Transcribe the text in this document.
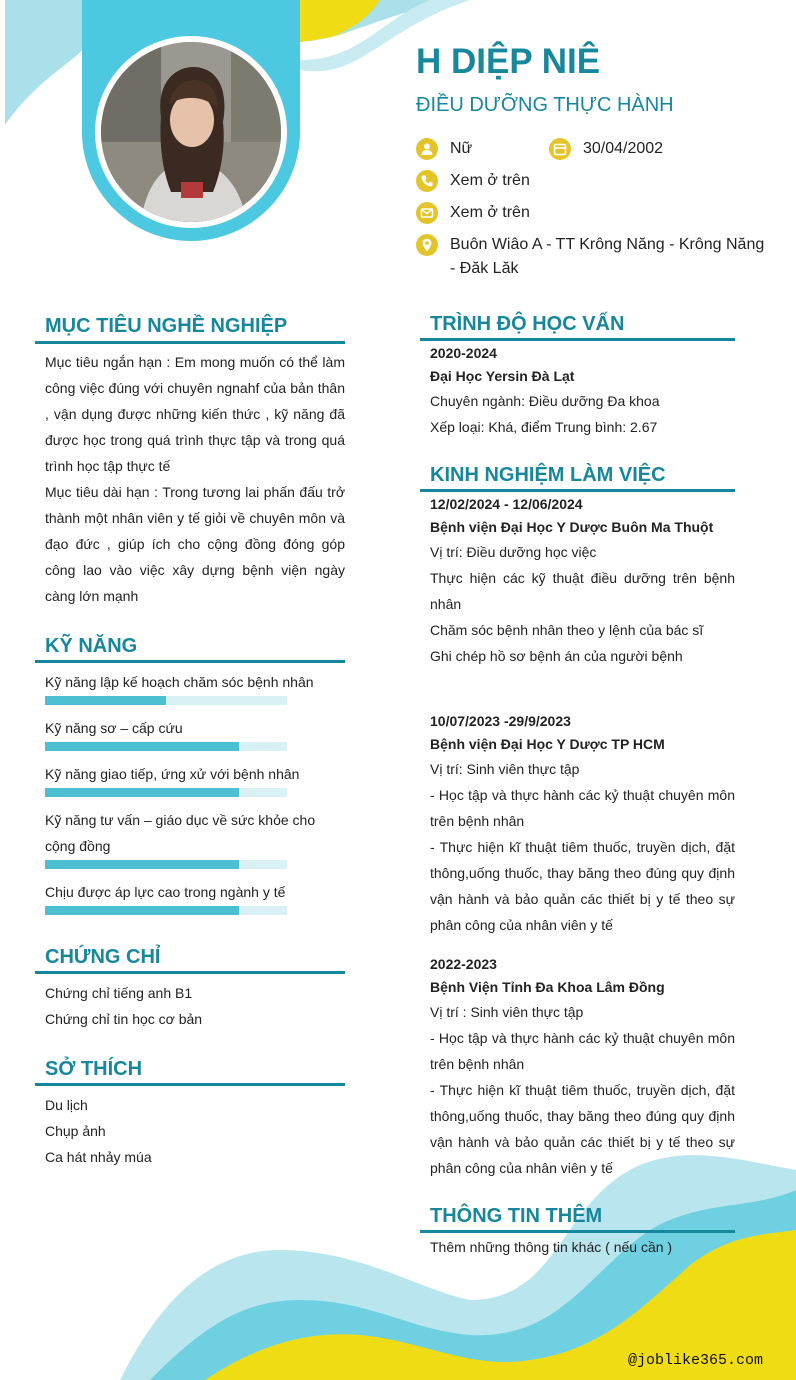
H DIỆP NIÊ
ĐIỀU DƯỠNG THỰC HÀNH
Nữ	30/04/2002
Xem ở trên
Xem ở trên
Buôn Wiâo A - TT Krông Năng - Krông Năng
- Đăk Lăk
MỤC TIÊU NGHỀ NGHIỆP
Mục tiêu ngắn hạn : Em mong muốn có thể làm công việc đúng với chuyên ngnahf của bản thân , vận dụng được những kiến thức , kỹ năng đã được học trong quá trình thực tập và trong quá trình học tập thực tế
Mục tiêu dài hạn : Trong tương lai phấn đấu trở thành một nhân viên y tế giỏi về chuyên môn và đạo đức , giúp ích cho cộng đồng đóng góp công lao vào việc xây dựng bệnh viện ngày càng lớn mạnh
KỸ NĂNG
Kỹ năng lập kế hoạch chăm sóc bệnh nhân
Kỹ năng sơ – cấp cứu
Kỹ năng giao tiếp, ứng xử với bệnh nhân
Kỹ năng tư vấn – giáo dục về sức khỏe cho cộng đồng
Chịu được áp lực cao trong ngành y tế
CHỨNG CHỈ
Chứng chỉ tiếng anh B1
Chứng chỉ tin học cơ bản
SỞ THÍCH
Du lịch
Chụp ảnh
Ca hát nhảy múa
TRÌNH ĐỘ HỌC VẤN
2020-2024
Đại Học Yersin Đà Lạt
Chuyên ngành: Điều dưỡng Đa khoa
Xếp loại: Khá, điểm Trung bình: 2.67
KINH NGHIỆM LÀM VIỆC
12/02/2024 - 12/06/2024
Bệnh viện Đại Học Y Dược Buôn Ma Thuột
Vị trí: Điều dưỡng học việc
Thực hiện các kỹ thuật điều dưỡng trên bệnh nhân
Chăm sóc bệnh nhân theo y lệnh của bác sĩ
Ghi chép hồ sơ bệnh án của người bệnh
10/07/2023 -29/9/2023
Bệnh viện Đại Học Y Dược TP HCM
Vị trí: Sinh viên thực tập
- Học tập và thực hành các kỷ thuật chuyên môn trên bệnh nhân
- Thực hiện kĩ thuật tiêm thuốc, truyền dịch, đặt thông,uống thuốc, thay băng theo đúng quy định vận hành và bảo quản các thiết bị y tế theo sự phân công của nhân viên y tế
2022-2023
Bệnh Viện Tỉnh Đa Khoa Lâm Đồng
Vị trí : Sinh viên thực tập
- Học tập và thực hành các kỷ thuật chuyên môn trên bệnh nhân
- Thực hiện kĩ thuật tiêm thuốc, truyền dịch, đặt thông,uống thuốc, thay băng theo đúng quy định vận hành và bảo quản các thiết bị y tế theo sự phân công của nhân viên y tế
THÔNG TIN THÊM
Thêm những thông tin khác ( nếu cần )
@joblike365.com
